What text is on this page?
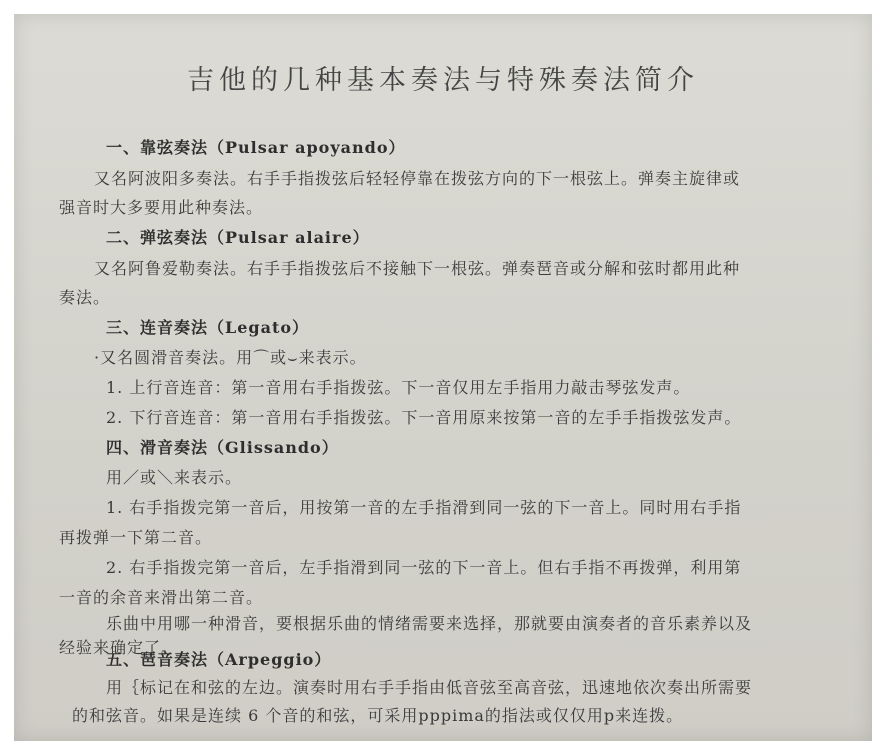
吉他的几种基本奏法与特殊奏法简介
一、靠弦奏法（Pulsar apoyando）
又名阿波阳多奏法。右手手指拨弦后轻轻停靠在拨弦方向的下一根弦上。弹奏主旋律或
强音时大多要用此种奏法。
二、弹弦奏法（Pulsar alaire）
又名阿鲁爱勒奏法。右手手指拨弦后不接触下一根弦。弹奏琶音或分解和弦时都用此种
奏法。
三、连音奏法（Legato）
·又名圆滑音奏法。用⌒或⌣来表示。
1. 上行音连音：第一音用右手指拨弦。下一音仅用左手指用力敲击琴弦发声。
2. 下行音连音：第一音用右手指拨弦。下一音用原来按第一音的左手手指拨弦发声。
四、滑音奏法（Glissando）
用／或＼来表示。
1. 右手指拨完第一音后，用按第一音的左手指滑到同一弦的下一音上。同时用右手指
再拨弹一下第二音。
2. 右手指拨完第一音后，左手指滑到同一弦的下一音上。但右手指不再拨弹，利用第
一音的余音来滑出第二音。
乐曲中用哪一种滑音，要根据乐曲的情绪需要来选择，那就要由演奏者的音乐素养以及
经验来确定了。
五、琶音奏法（Arpeggio）
用｛标记在和弦的左边。演奏时用右手手指由低音弦至高音弦，迅速地依次奏出所需要
的和弦音。如果是连续 6 个音的和弦，可采用pppima的指法或仅仅用p来连拨。
